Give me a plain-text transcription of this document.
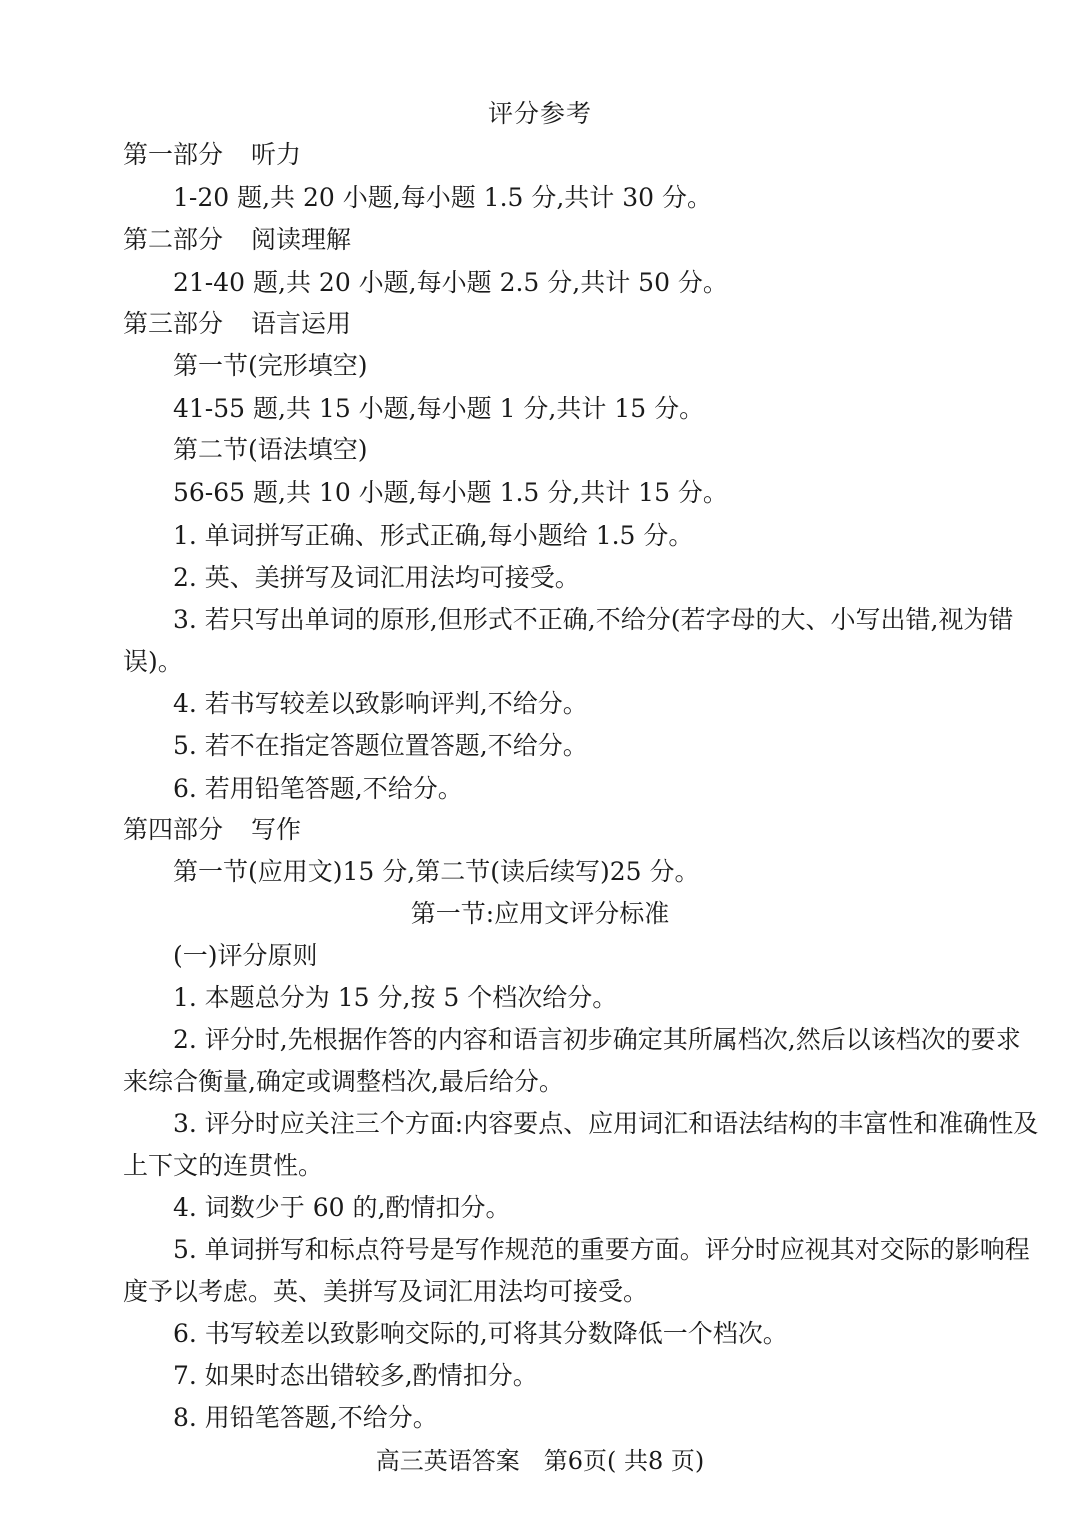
评分参考
第一部分 听力
1-20 题,共 20 小题,每小题 1.5 分,共计 30 分。
第二部分 阅读理解
21-40 题,共 20 小题,每小题 2.5 分,共计 50 分。
第三部分 语言运用
第一节(完形填空)
41-55 题,共 15 小题,每小题 1 分,共计 15 分。
第二节(语法填空)
56-65 题,共 10 小题,每小题 1.5 分,共计 15 分。
1. 单词拼写正确、形式正确,每小题给 1.5 分。
2. 英、美拼写及词汇用法均可接受。
3. 若只写出单词的原形,但形式不正确,不给分(若字母的大、小写出错,视为错
误)。
4. 若书写较差以致影响评判,不给分。
5. 若不在指定答题位置答题,不给分。
6. 若用铅笔答题,不给分。
第四部分 写作
第一节(应用文)15 分,第二节(读后续写)25 分。
第一节:应用文评分标准
(一)评分原则
1. 本题总分为 15 分,按 5 个档次给分。
2. 评分时,先根据作答的内容和语言初步确定其所属档次,然后以该档次的要求
来综合衡量,确定或调整档次,最后给分。
3. 评分时应关注三个方面:内容要点、应用词汇和语法结构的丰富性和准确性及
上下文的连贯性。
4. 词数少于 60 的,酌情扣分。
5. 单词拼写和标点符号是写作规范的重要方面。评分时应视其对交际的影响程
度予以考虑。英、美拼写及词汇用法均可接受。
6. 书写较差以致影响交际的,可将其分数降低一个档次。
7. 如果时态出错较多,酌情扣分。
8. 用铅笔答题,不给分。
高三英语答案　第6页( 共8 页)
